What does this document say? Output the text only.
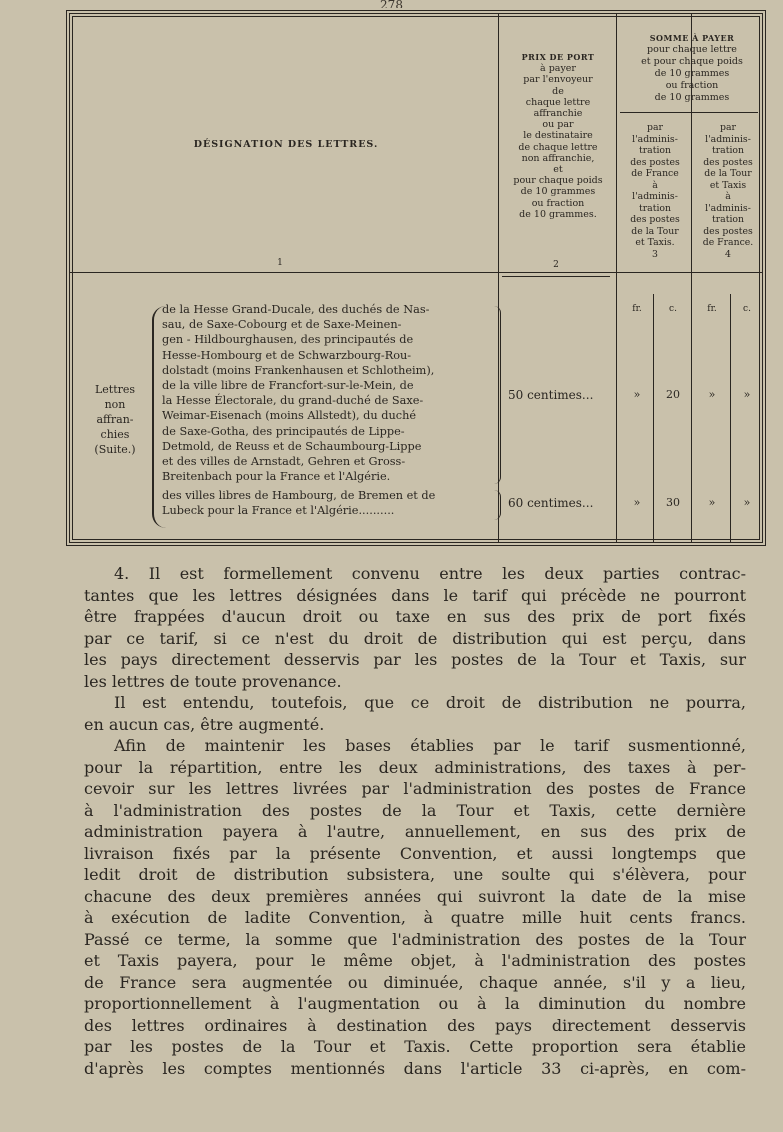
278
DÉSIGNATION DES LETTRES.
1
PRIX DE PORT
à payer
par l'envoyeur
de
chaque lettre
affranchie
ou par
le destinataire
de chaque lettre
non affranchie,
et
pour chaque poids
de 10 grammes
ou fraction
de 10 grammes.
2
SOMME À PAYER
pour chaque lettre
et pour chaque poids
de 10 grammes
ou fraction
de 10 grammes
par
l'adminis-
tration
des postes
de France
à
l'adminis-
tration
des postes
de la Tour
et Taxis.
3
par
l'adminis-
tration
des postes
de la Tour
et Taxis
à
l'adminis-
tration
des postes
de France.
4
fr.	c.	fr.	c.
Lettres
non
affran-
chies
(Suite.)
de la Hesse Grand-Ducale, des duchés de Nas-
sau, de Saxe-Cobourg et de Saxe-Meinen-
gen - Hildbourghausen, des principautés de
Hesse-Hombourg et de Schwarzbourg-Rou-
dolstadt (moins Frankenhausen et Schlotheim),
de la ville libre de Francfort-sur-le-Mein, de
la Hesse Électorale, du grand-duché de Saxe-
Weimar-Eisenach (moins Allstedt), du duché
de Saxe-Gotha, des principautés de Lippe-
Detmold, de Reuss et de Schaumbourg-Lippe
et des villes de Arnstadt, Gehren et Gross-
Breitenbach pour la France et l'Algérie.
50 centimes...	»	20	»	»
des villes libres de Hambourg, de Bremen et de
Lubeck pour la France et l'Algérie..........
60 centimes...	»	30	»	»

4. Il est formellement convenu entre les deux parties contrac-
tantes que les lettres désignées dans le tarif qui précède ne pourront
être frappées d'aucun droit ou taxe en sus des prix de port fixés
par ce tarif, si ce n'est du droit de distribution qui est perçu, dans
les pays directement desservis par les postes de la Tour et Taxis, sur
les lettres de toute provenance.

Il est entendu, toutefois, que ce droit de distribution ne pourra,
en aucun cas, être augmenté.

Afin de maintenir les bases établies par le tarif susmentionné,
pour la répartition, entre les deux administrations, des taxes à per-
cevoir sur les lettres livrées par l'administration des postes de France
à l'administration des postes de la Tour et Taxis, cette dernière
administration payera à l'autre, annuellement, en sus des prix de
livraison fixés par la présente Convention, et aussi longtemps que
ledit droit de distribution subsistera, une soulte qui s'élèvera, pour
chacune des deux premières années qui suivront la date de la mise
à exécution de ladite Convention, à quatre mille huit cents francs.
Passé ce terme, la somme que l'administration des postes de la Tour
et Taxis payera, pour le même objet, à l'administration des postes
de France sera augmentée ou diminuée, chaque année, s'il y a lieu,
proportionnellement à l'augmentation ou à la diminution du nombre
des lettres ordinaires à destination des pays directement desservis
par les postes de la Tour et Taxis. Cette proportion sera établie
d'après les comptes mentionnés dans l'article 33 ci-après, en com-
